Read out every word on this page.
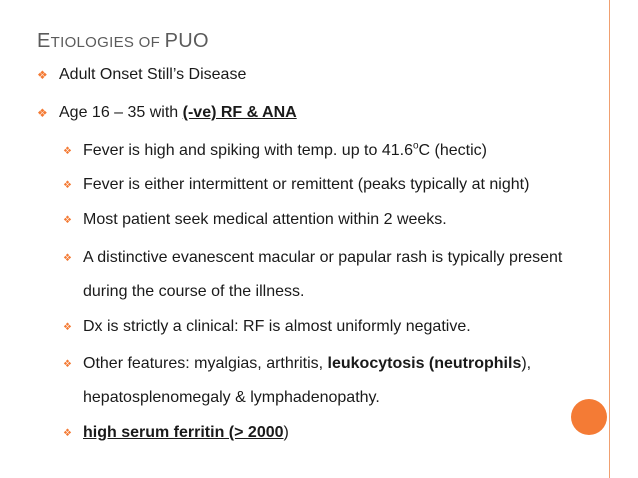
ETIOLOGIES OF PUO
❖ Adult Onset Still’s Disease
❖ Age 16 – 35 with (-ve) RF & ANA
❖ Fever is high and spiking with temp. up to 41.6$^o$C (hectic)
❖ Fever is either intermittent or remittent (peaks typically at night)
❖ Most patient seek medical attention within 2 weeks.
❖ A distinctive evanescent macular or papular rash is typically present during the course of the illness.
❖ Dx is strictly a clinical: RF is almost uniformly negative.
❖ Other features: myalgias, arthritis, leukocytosis (neutrophils), hepatosplenomegaly & lymphadenopathy.
❖ high serum ferritin (> 2000)
